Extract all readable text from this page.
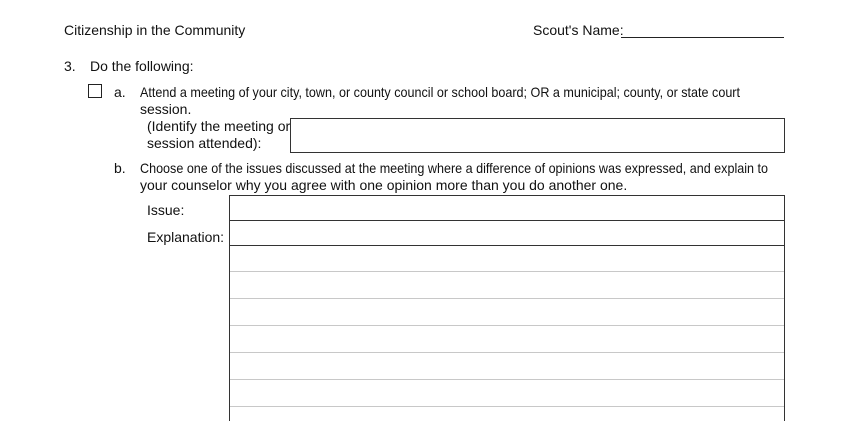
Citizenship in the Community	Scout's Name:
3. Do the following:
a. Attend a meeting of your city, town, or county council or school board; OR a municipal; county, or state court
session.
(Identify the meeting or
session attended):
b. Choose one of the issues discussed at the meeting where a difference of opinions was expressed, and explain to
your counselor why you agree with one opinion more than you do another one.
Issue:
Explanation:
